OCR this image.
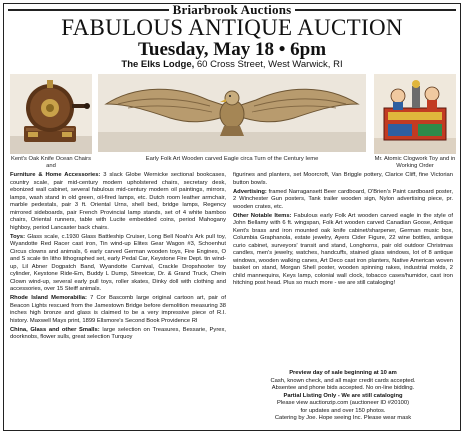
Briarbrook Auctions
FABULOUS ANTIQUE AUCTION
Tuesday, May 18 • 6pm
The Elks Lodge, 60 Cross Street, West Warwick, RI
Kent's Oak Knife Ocean Chairs and
Early Folk Art Wooden carved Eagle circa Turn of the Century Ieme	Mr. Atomic Clogwork Toy and in Working Order

Furniture & Home Accessories: 3 slack Globe Wernicke sectional bookcases, country scale, pair mid-century modern upholstered chairs, secretary desk, ebonized wall cabinet, several fabulous mid-century modern oil paintings, mirrors, lamps, wash stand in old green, oil-fired lamps, etc. Dutch room leather armchair, marble pedestals, pair 3 ft. Oriental Urns, shell bed, bridge lamps, Regency mirrored sideboards, pair French Provincial lamp stands, set of 4 white bamboo chairs, Oriental runners, table with Lucite embedded coins, period Mahogany highboy, period Lancaster back chairs.

Toys: Glass scale, c.1930 Glass Battleship Cruiser, Long Bell Noah's Ark pull toy, Wyandotte Red Racer cast iron, Tin wind-up Elites Gear Wagon #3, Schoenhut Circus clowns and animals, 6 early carved German wooden toys, Fire Engines, O and S scale tin litho lithographed set, early Pedal Car, Keystone Fire Dept. tin wind-up, Lil Abner Dogpatch Band, Wyandotte Carnival, Crackle Dropshooter toy cylinder, Keystone Ride-Em, Buddy L Dump, Streetcar, Dr. & Grand Truck, Chein Clown wind-up, several early pull toys, roller skates, Dinky doll with clothing and accessories, over 15 Steiff animals.

Rhode Island Memorabilia: 7 Cor Bascomb large original cartoon art, pair of Beacon Lights rescued from the Jamestown Bridge before demolition measuring 38 inches high bronze and glass is claimed to be a very impressive piece of R.I. history. Maxwell Mays print, 1899 Ellsmore's Second Book Providence RI

China, Glass and other Smalls: large selection on Treasures, Bessarie, Pyrex, doorknobs, flower sulls, great selection Turquoy

figurines and planters, set Moorcroft, Van Briggle pottery, Clarice Cliff, fine Victorian button bowls.

Advertising: framed Narragansett Beer cardboard, O'Brien's Paint cardboard poster, 2 Winchester Gun posters, Tank trailer wooden sign, Nylon advertising piece, pr. wooden crates, etc.

Other Notable Items: Fabulous early Folk Art wooden carved eagle in the style of John Bellamy with 6 ft. wingspan, Folk Art wooden carved Canadian Goose, Antique Kent's brass and iron mounted oak knife cabinet/sharpener, German music box, Columbia Graphanola, estate jewelry, Ayers Cider Figure, 22 wine bottles, antique curio cabinet, surveyors' transit and stand, Longhorns, pair old outdoor Christmas candles, men's jewelry, watches, handcuffs, stained glass windows, lot of 8 antique windows, wooden walking canes, Art Deco cast iron planters, Native American woven basket on stand, Morgan Shell poster, wooden spinning rakes, industrial molds, 2 child mannequins, Keys lamp, colonial wall clock, tobacco cases/humidor, cast iron hitching post head. Plus so much more - we are still cataloging!

Preview day of sale beginning at 10 am
Cash, known check, and all major credit cards accepted.
Absentee and phone bids accepted. No on-line bidding.
Partial Listing Only - We are still cataloging
Please view auctionzip.com (auctioneer ID #20100)
for updates and over 150 photos.
Catering by Joe. Hope seeing Inc. Please wear mask
